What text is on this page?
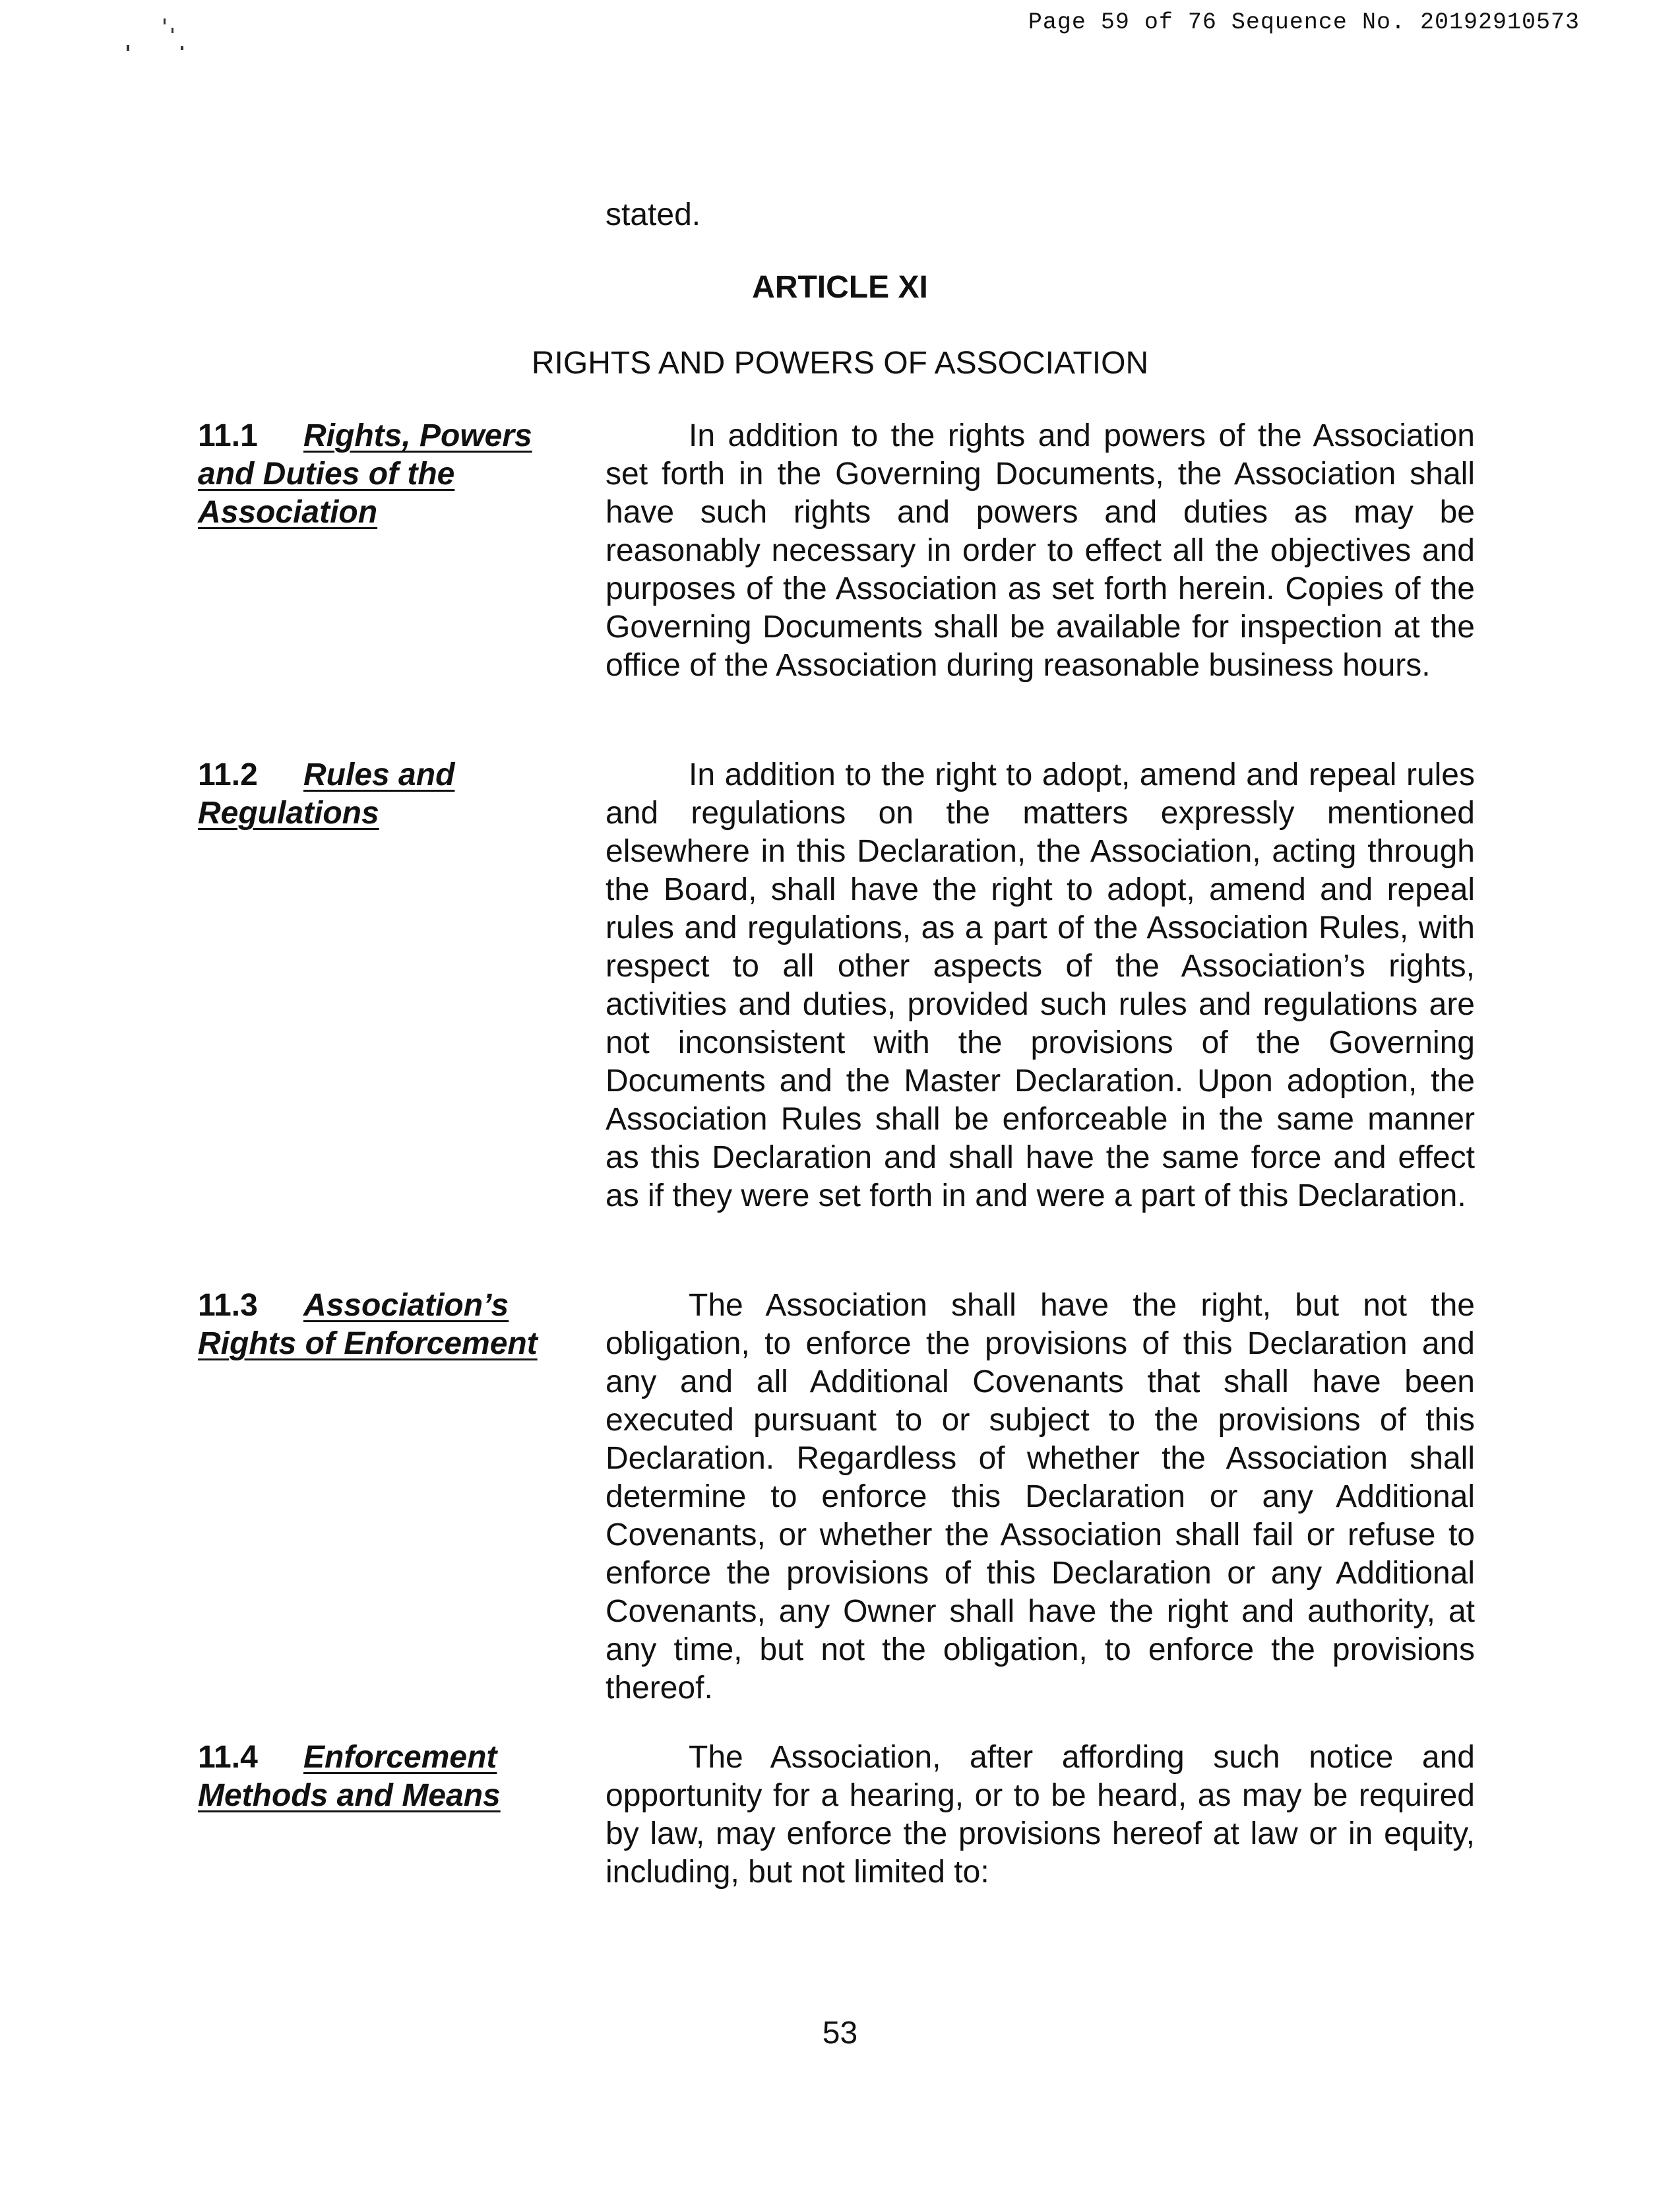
Page 59 of 76 Sequence No. 20192910573
stated.
ARTICLE XI
RIGHTS AND POWERS OF ASSOCIATION
11.1 Rights, Powers and Duties of the Association

In addition to the rights and powers of the Association set forth in the Governing Documents, the Association shall have such rights and powers and duties as may be reasonably necessary in order to effect all the objectives and purposes of the Association as set forth herein. Copies of the Governing Documents shall be available for inspection at the office of the Association during reasonable business hours.

11.2 Rules and Regulations

In addition to the right to adopt, amend and repeal rules and regulations on the matters expressly mentioned elsewhere in this Declaration, the Association, acting through the Board, shall have the right to adopt, amend and repeal rules and regulations, as a part of the Association Rules, with respect to all other aspects of the Association’s rights, activities and duties, provided such rules and regulations are not inconsistent with the provisions of the Governing Documents and the Master Declaration. Upon adoption, the Association Rules shall be enforceable in the same manner as this Declaration and shall have the same force and effect as if they were set forth in and were a part of this Declaration.

11.3 Association’s Rights of Enforcement

The Association shall have the right, but not the obligation, to enforce the provisions of this Declaration and any and all Additional Covenants that shall have been executed pursuant to or subject to the provisions of this Declaration. Regardless of whether the Association shall determine to enforce this Declaration or any Additional Covenants, or whether the Association shall fail or refuse to enforce the provisions of this Declaration or any Additional Covenants, any Owner shall have the right and authority, at any time, but not the obligation, to enforce the provisions thereof.

11.4 Enforcement Methods and Means

The Association, after affording such notice and opportunity for a hearing, or to be heard, as may be required by law, may enforce the provisions hereof at law or in equity, including, but not limited to:

53
